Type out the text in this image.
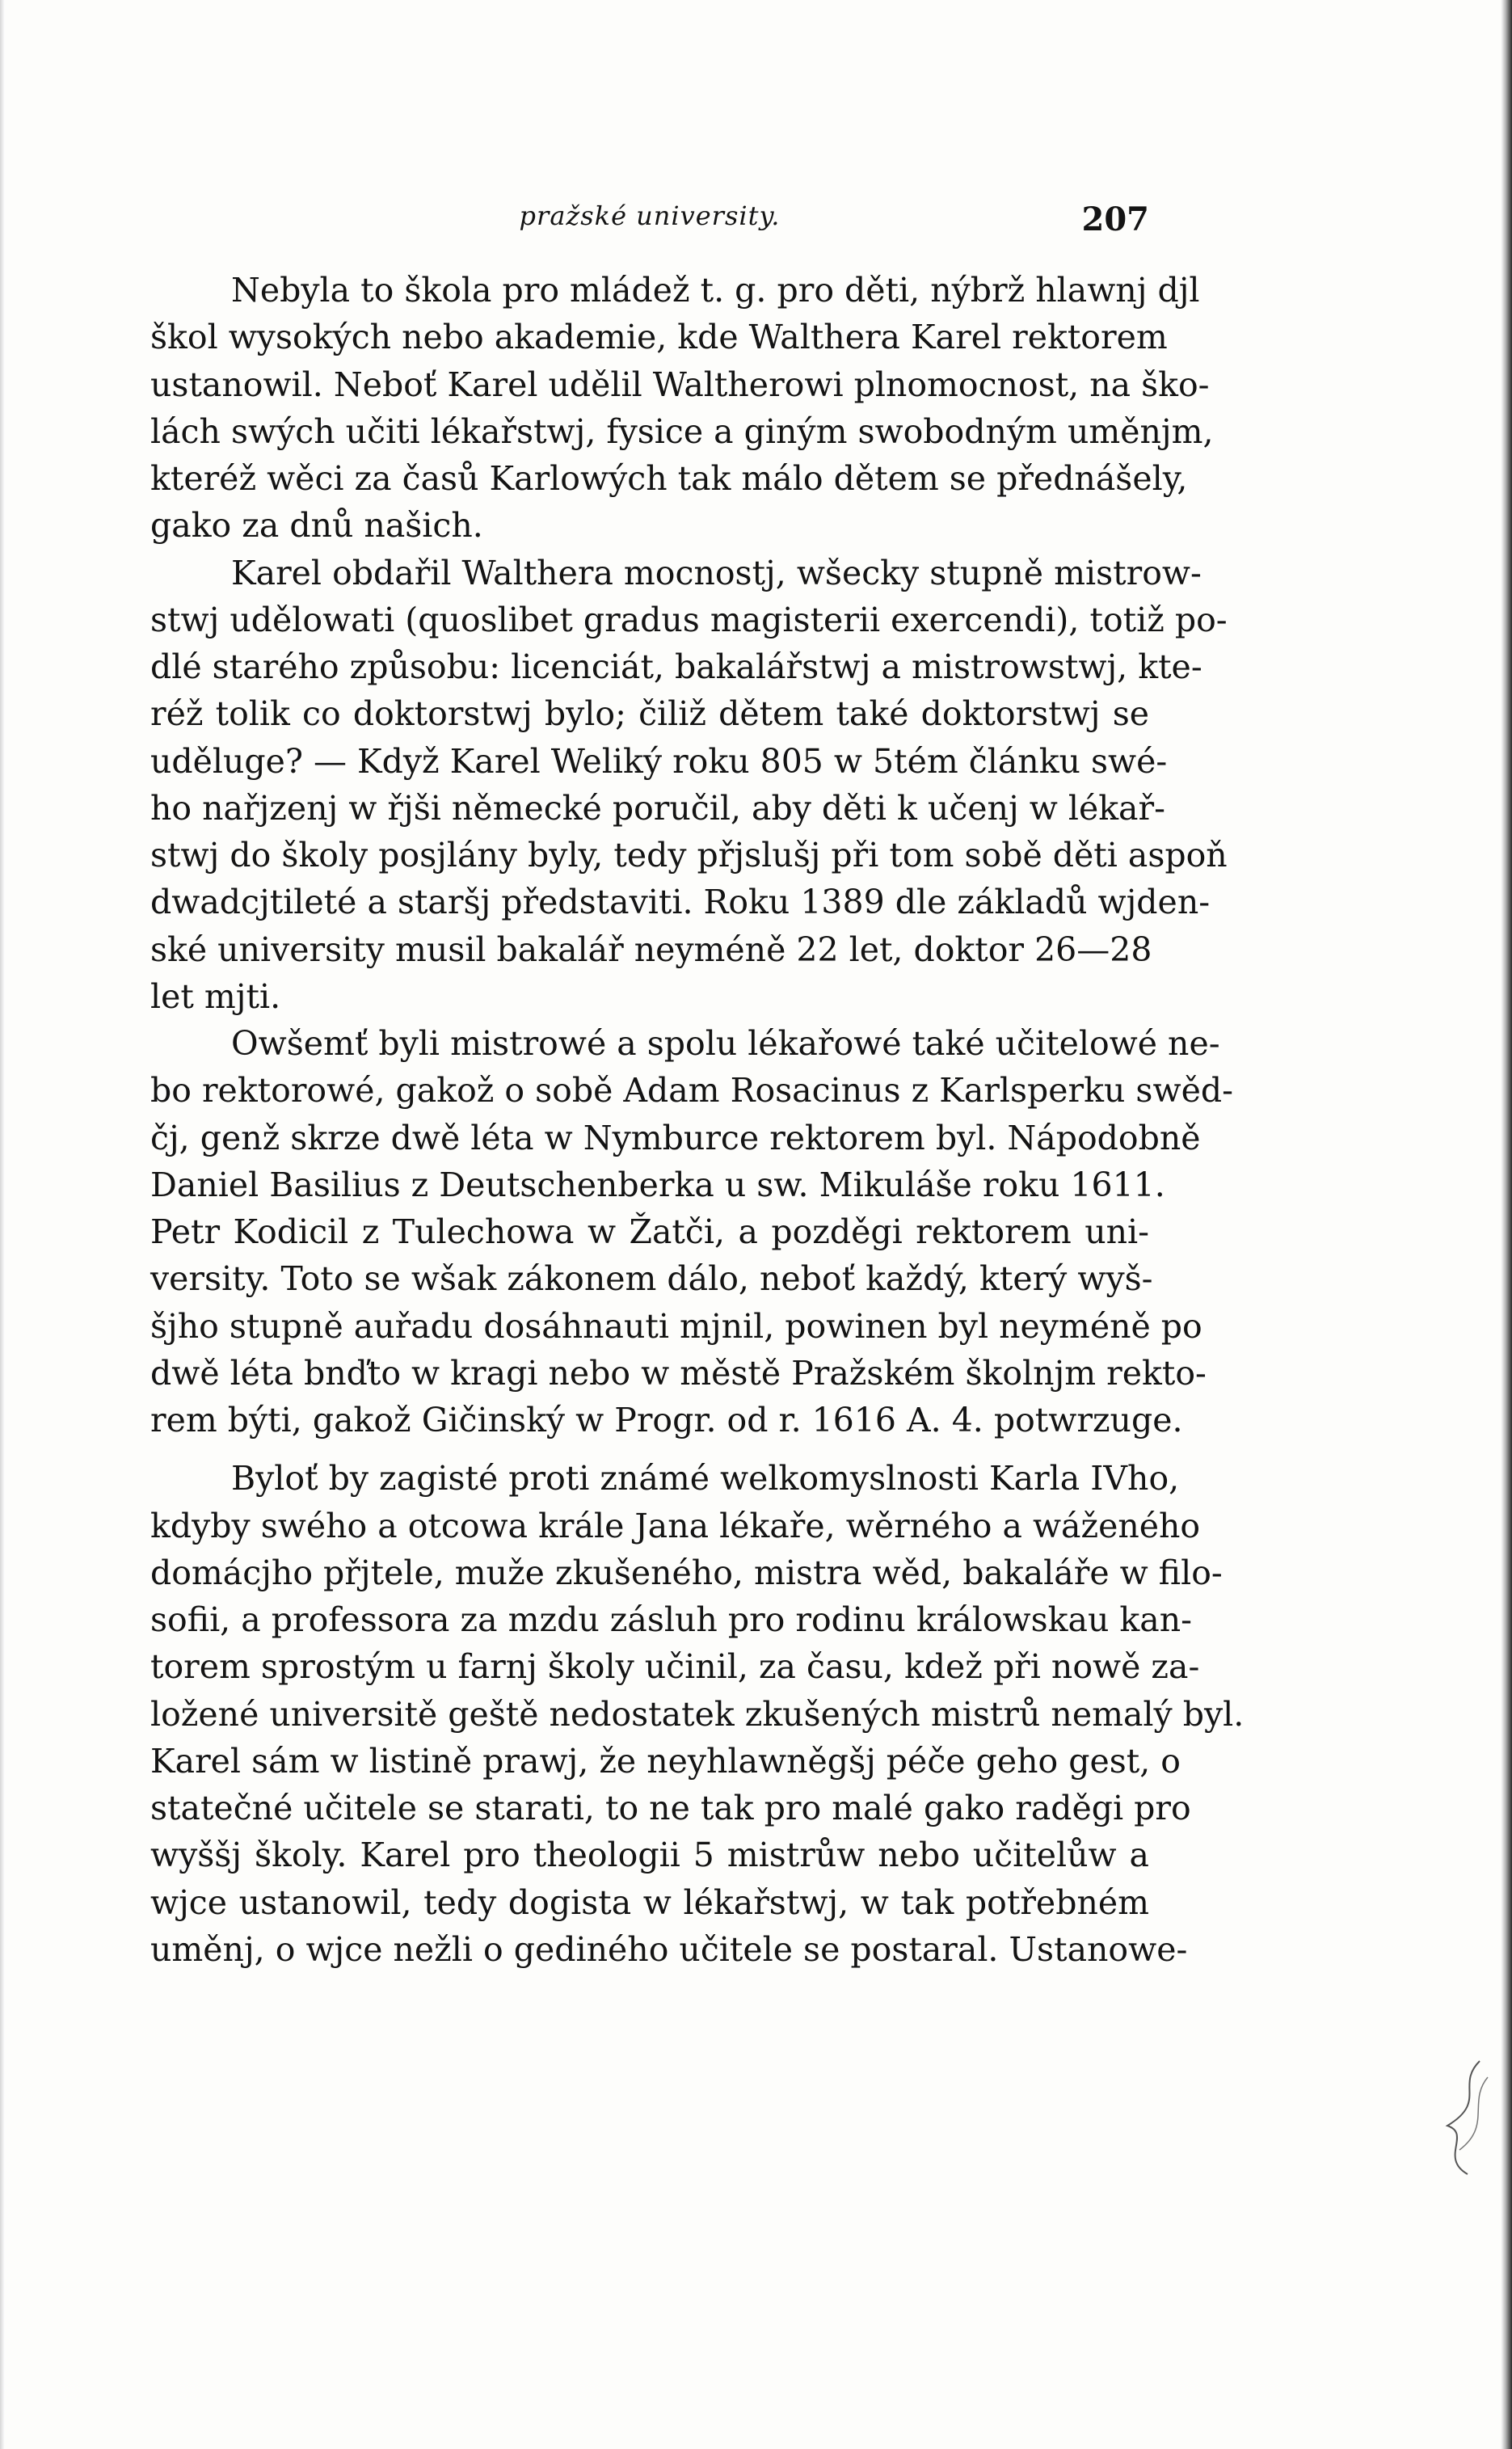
pražské university.	207
Nebyla to škola pro mládež t. g. pro děti, nýbrž hlawnj djl
škol wysokých nebo akademie, kde Walthera Karel rektorem
ustanowil. Neboť Karel udělil Waltherowi plnomocnost, na ško-
lách swých učiti lékařstwj, fysice a giným swobodným uměnjm,
kteréž wěci za časů Karlowých tak málo dětem se přednášely,
gako za dnů našich.
Karel obdařil Walthera mocnostj, wšecky stupně mistrow-
stwj udělowati (quoslibet gradus magisterii exercendi), totiž po-
dlé starého způsobu: licenciát, bakalářstwj a mistrowstwj, kte-
réž tolik co doktorstwj bylo; čiliž dětem také doktorstwj se
uděluge? — Když Karel Weliký roku 805 w 5tém článku swé-
ho nařjzenj w řjši německé poručil, aby děti k učenj w lékař-
stwj do školy posjlány byly, tedy přjslušj při tom sobě děti aspoň
dwadcjtileté a staršj představiti. Roku 1389 dle základů wjden-
ské university musil bakalář neyméně 22 let, doktor 26—28
let mjti.
Owšemť byli mistrowé a spolu lékařowé také učitelowé ne-
bo rektorowé, gakož o sobě Adam Rosacinus z Karlsperku swěd-
čj, genž skrze dwě léta w Nymburce rektorem byl. Nápodobně
Daniel Basilius z Deutschenberka u sw. Mikuláše roku 1611.
Petr Kodicil z Tulechowa w Žatči, a pozděgi rektorem uni-
versity. Toto se wšak zákonem dálo, neboť každý, který wyš-
šjho stupně auřadu dosáhnauti mjnil, powinen byl neyméně po
dwě léta bnďto w kragi nebo w městě Pražském školnjm rekto-
rem býti, gakož Gičinský w Progr. od r. 1616 A. 4. potwrzuge.
Byloť by zagisté proti známé welkomyslnosti Karla IVho,
kdyby swého a otcowa krále Jana lékaře, wěrného a wáženého
domácjho přjtele, muže zkušeného, mistra wěd, bakaláře w filo-
sofii, a professora za mzdu zásluh pro rodinu králowskau kan-
torem sprostým u farnj školy učinil, za času, kdež při nowě za-
ložené universitě geště nedostatek zkušených mistrů nemalý byl.
Karel sám w listině prawj, že neyhlawněgšj péče geho gest, o
statečné učitele se starati, to ne tak pro malé gako raděgi pro
wyššj školy. Karel pro theologii 5 mistrůw nebo učitelůw a
wjce ustanowil, tedy dogista w lékařstwj, w tak potřebném
uměnj, o wjce nežli o gediného učitele se postaral. Ustanowe-
